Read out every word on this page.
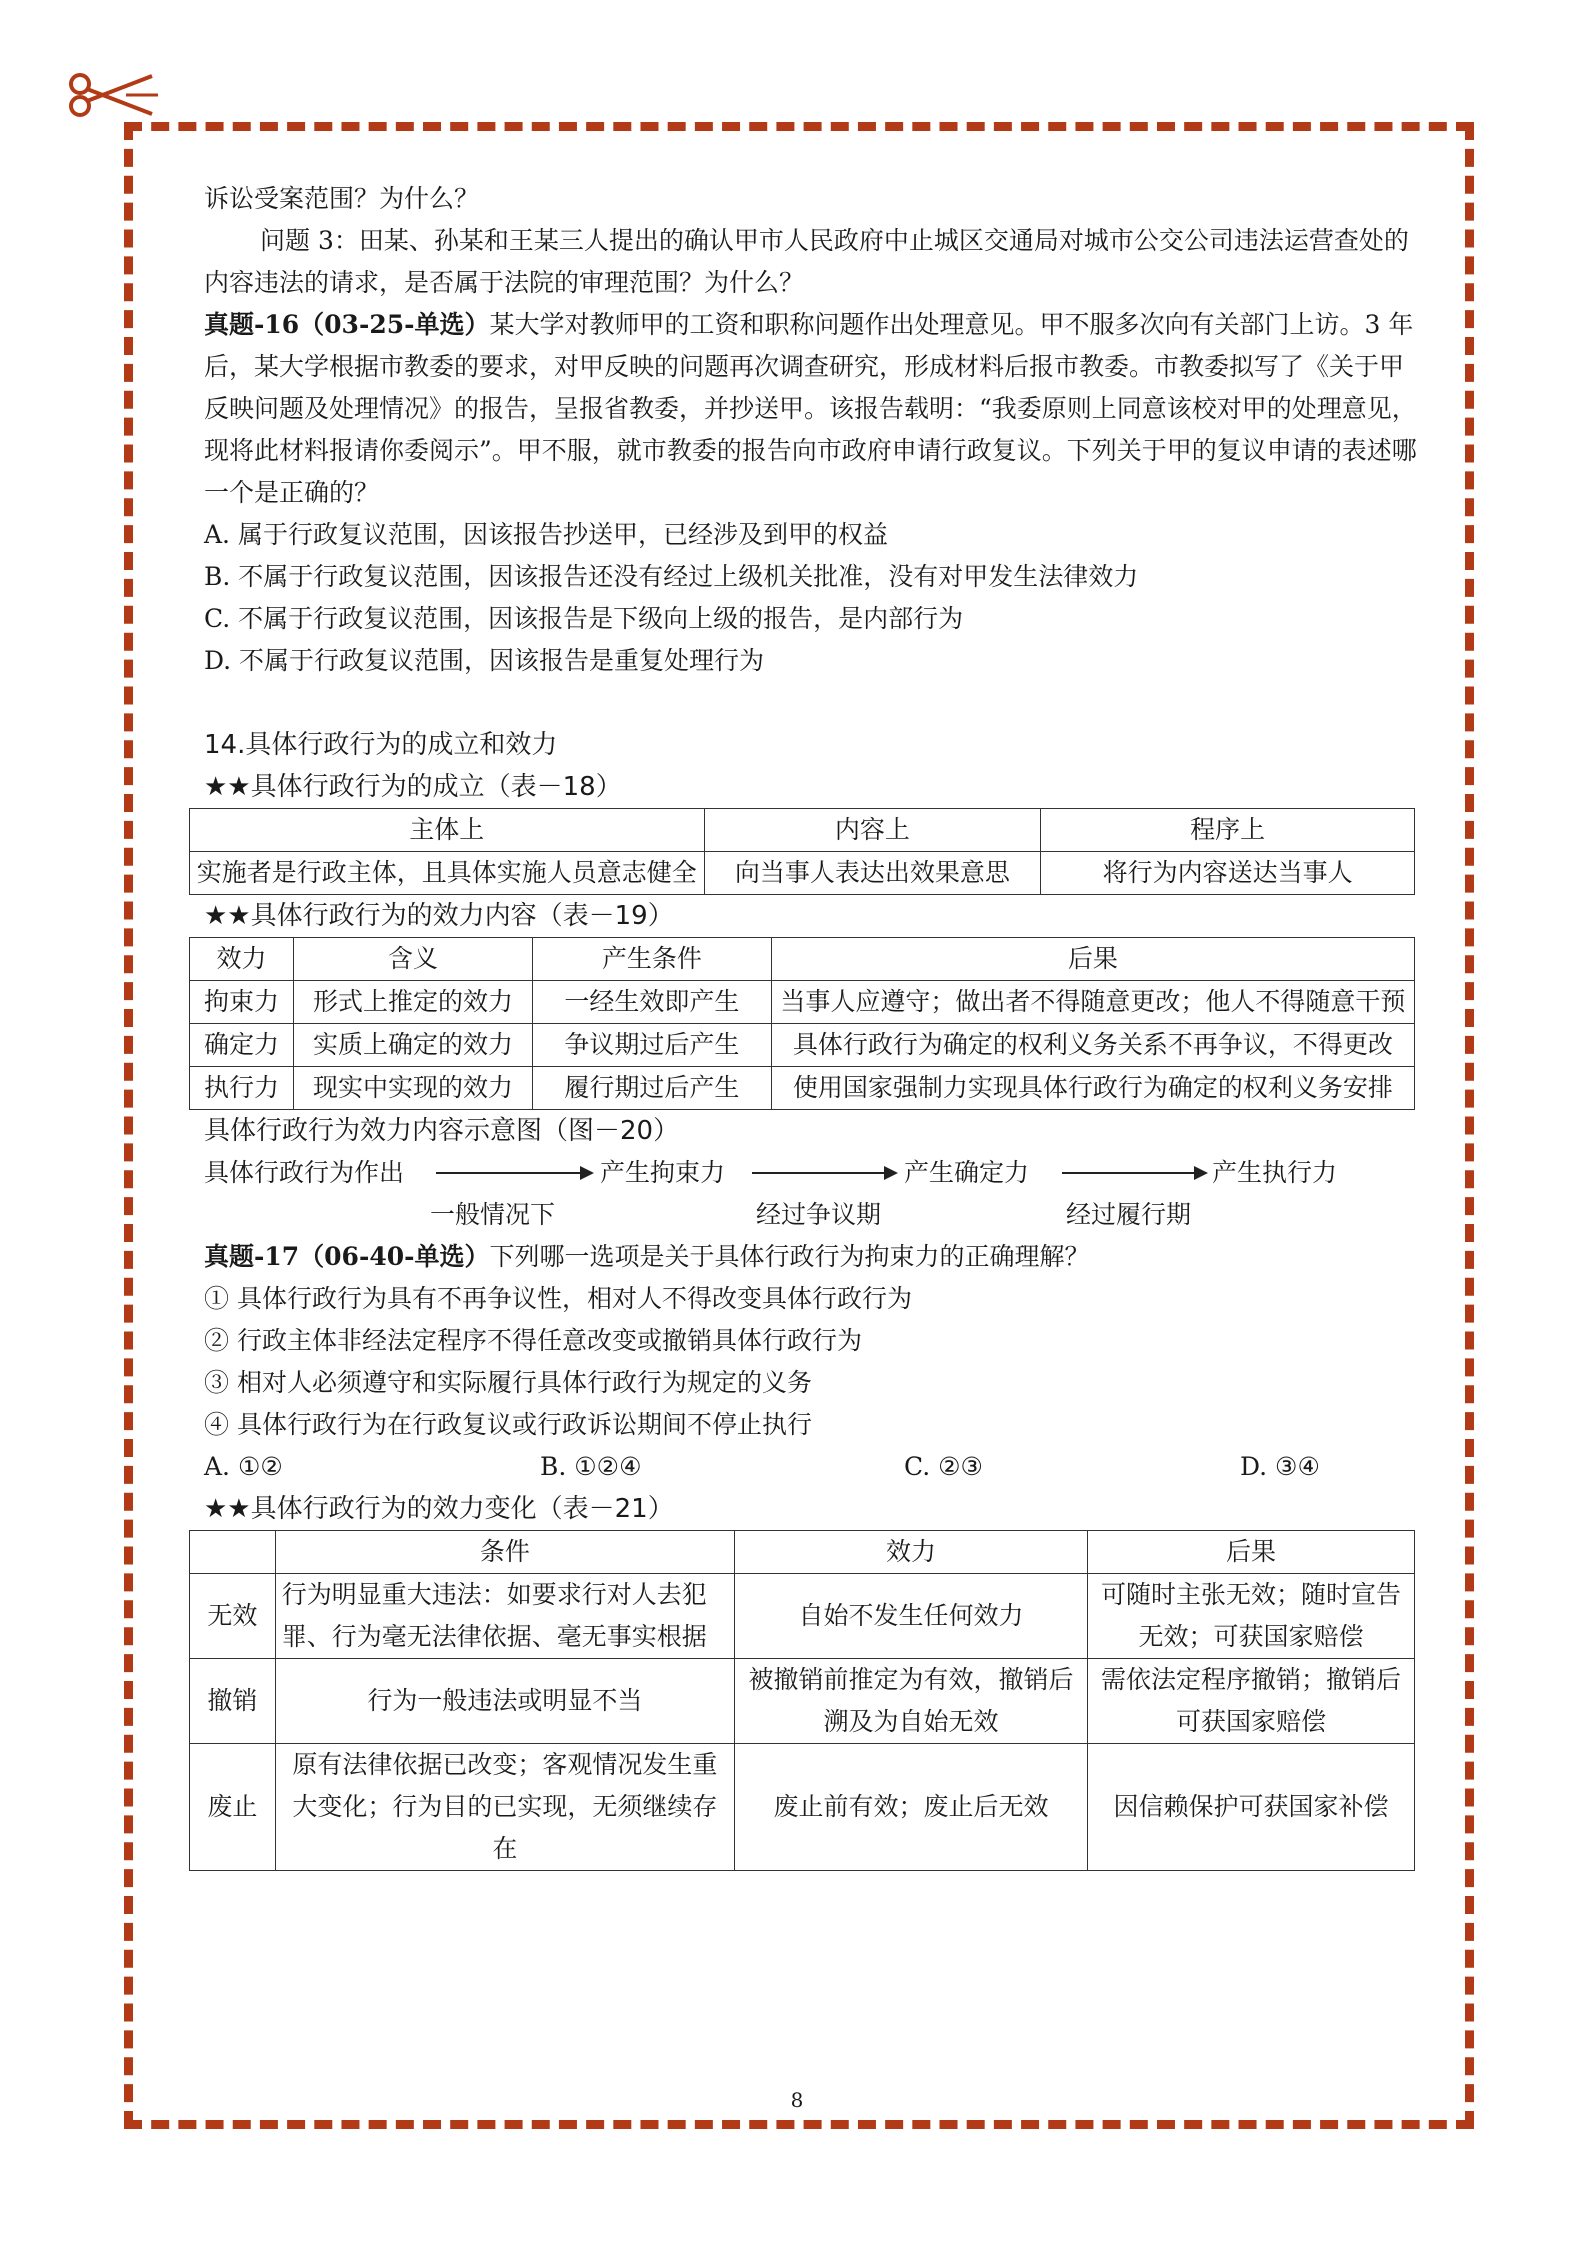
诉讼受案范围？为什么？

问题 3：田某、孙某和王某三人提出的确认甲市人民政府中止城区交通局对城市公交公司违法运营查处的内容违法的请求，是否属于法院的审理范围？为什么？

真题-16（03-25-单选）某大学对教师甲的工资和职称问题作出处理意见。甲不服多次向有关部门上访。3 年后，某大学根据市教委的要求，对甲反映的问题再次调查研究，形成材料后报市教委。市教委拟写了《关于甲反映问题及处理情况》的报告，呈报省教委，并抄送甲。该报告载明：“我委原则上同意该校对甲的处理意见，现将此材料报请你委阅示”。甲不服，就市教委的报告向市政府申请行政复议。下列关于甲的复议申请的表述哪一个是正确的？

A. 属于行政复议范围，因该报告抄送甲，已经涉及到甲的权益

B. 不属于行政复议范围，因该报告还没有经过上级机关批准，没有对甲发生法律效力

C. 不属于行政复议范围，因该报告是下级向上级的报告，是内部行为

D. 不属于行政复议范围，因该报告是重复处理行为

14.具体行政行为的成立和效力

★★具体行政行为的成立（表－18）

主体上	内容上	程序上
实施者是行政主体，且具体实施人员意志健全	向当事人表达出效果意思	将行为内容送达当事人

★★具体行政行为的效力内容（表－19）

效力	含义	产生条件	后果
拘束力	形式上推定的效力	一经生效即产生	当事人应遵守；做出者不得随意更改；他人不得随意干预
确定力	实质上确定的效力	争议期过后产生	具体行政行为确定的权利义务关系不再争议，不得更改
执行力	现实中实现的效力	履行期过后产生	使用国家强制力实现具体行政行为确定的权利义务安排

具体行政行为效力内容示意图（图－20）

具体行政行为作出	产生拘束力	产生确定力	产生执行力
一般情况下	经过争议期	经过履行期

真题-17（06-40-单选）下列哪一选项是关于具体行政行为拘束力的正确理解？

① 具体行政行为具有不再争议性，相对人不得改变具体行政行为

② 行政主体非经法定程序不得任意改变或撤销具体行政行为

③ 相对人必须遵守和实际履行具体行政行为规定的义务

④ 具体行政行为在行政复议或行政诉讼期间不停止执行

A. ①②	B. ①②④	C. ②③	D. ③④

★★具体行政行为的效力变化（表－21）

	条件	效力	后果
无效	行为明显重大违法：如要求行对人去犯罪、行为毫无法律依据、毫无事实根据	自始不发生任何效力	可随时主张无效；随时宣告无效；可获国家赔偿
撤销	行为一般违法或明显不当	被撤销前推定为有效，撤销后溯及为自始无效	需依法定程序撤销；撤销后可获国家赔偿
废止	原有法律依据已改变；客观情况发生重大变化；行为目的已实现，无须继续存在	废止前有效；废止后无效	因信赖保护可获国家补偿
8
